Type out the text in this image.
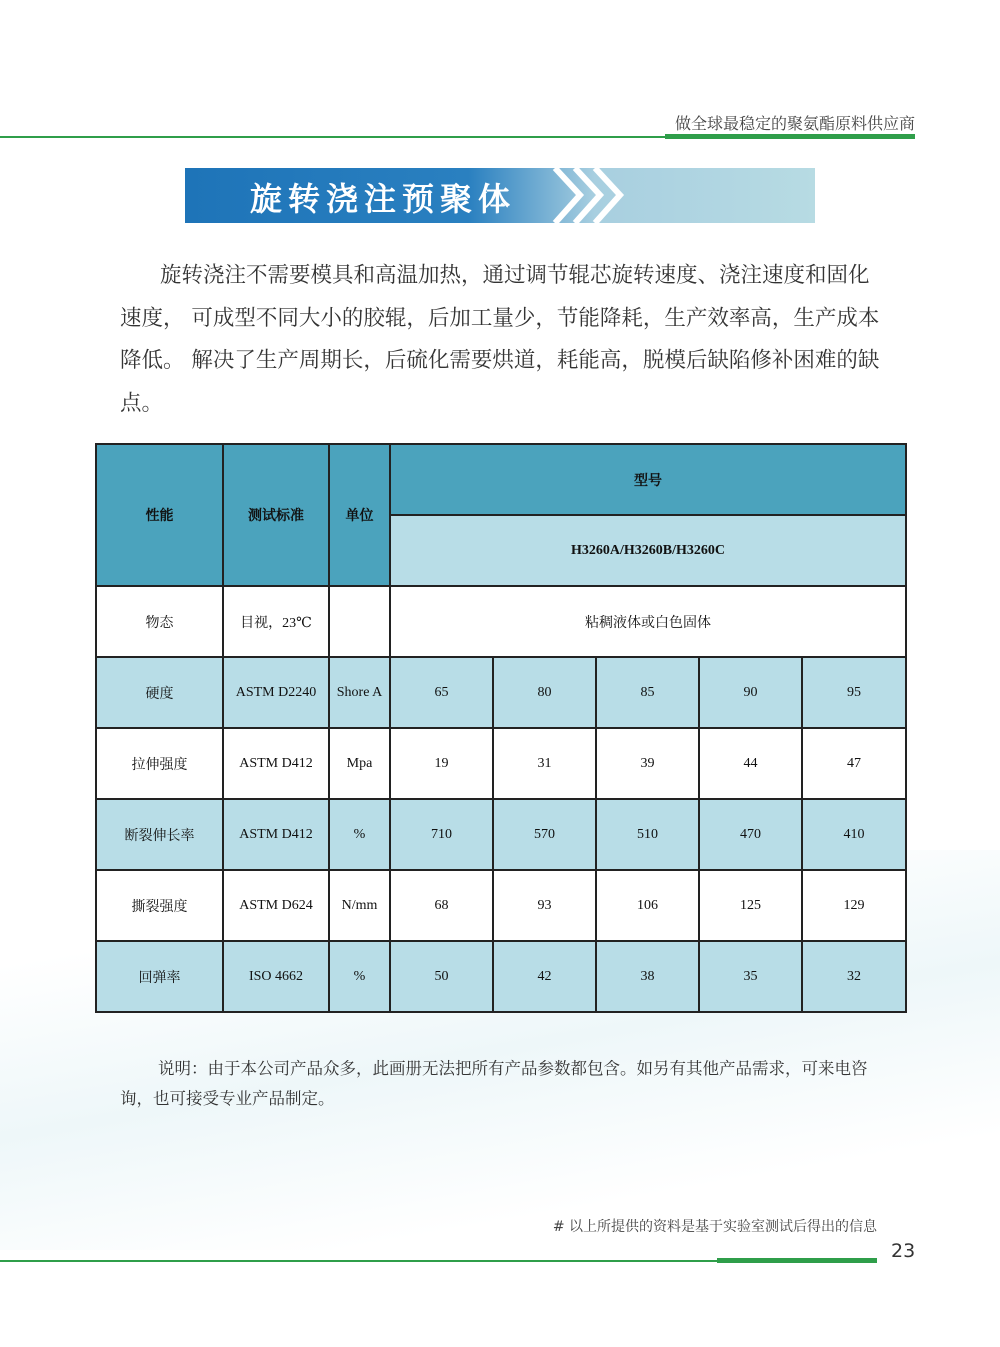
做全球最稳定的聚氨酯原料供应商
旋转浇注预聚体
旋转浇注不需要模具和高温加热，通过调节辊芯旋转速度、浇注速度和固化速度， 可成型不同大小的胶辊，后加工量少，节能降耗，生产效率高，生产成本降低。 解决了生产周期长，后硫化需要烘道，耗能高，脱模后缺陷修补困难的缺点。
性能	测试标准	单位	型号				
			H3260A/H3260B/H3260C				
物态	目视，23℃		粘稠液体或白色固体				
硬度	ASTM D2240	Shore A	65	80	85	90	95
拉伸强度	ASTM D412	Mpa	19	31	39	44	47
断裂伸长率	ASTM D412	%	710	570	510	470	410
撕裂强度	ASTM D624	N/mm	68	93	106	125	129
回弹率	ISO 4662	%	50	42	38	35	32
说明：由于本公司产品众多，此画册无法把所有产品参数都包含。如另有其他产品需求，可来电咨询，也可接受专业产品制定。
# 以上所提供的资料是基于实验室测试后得出的信息
23
